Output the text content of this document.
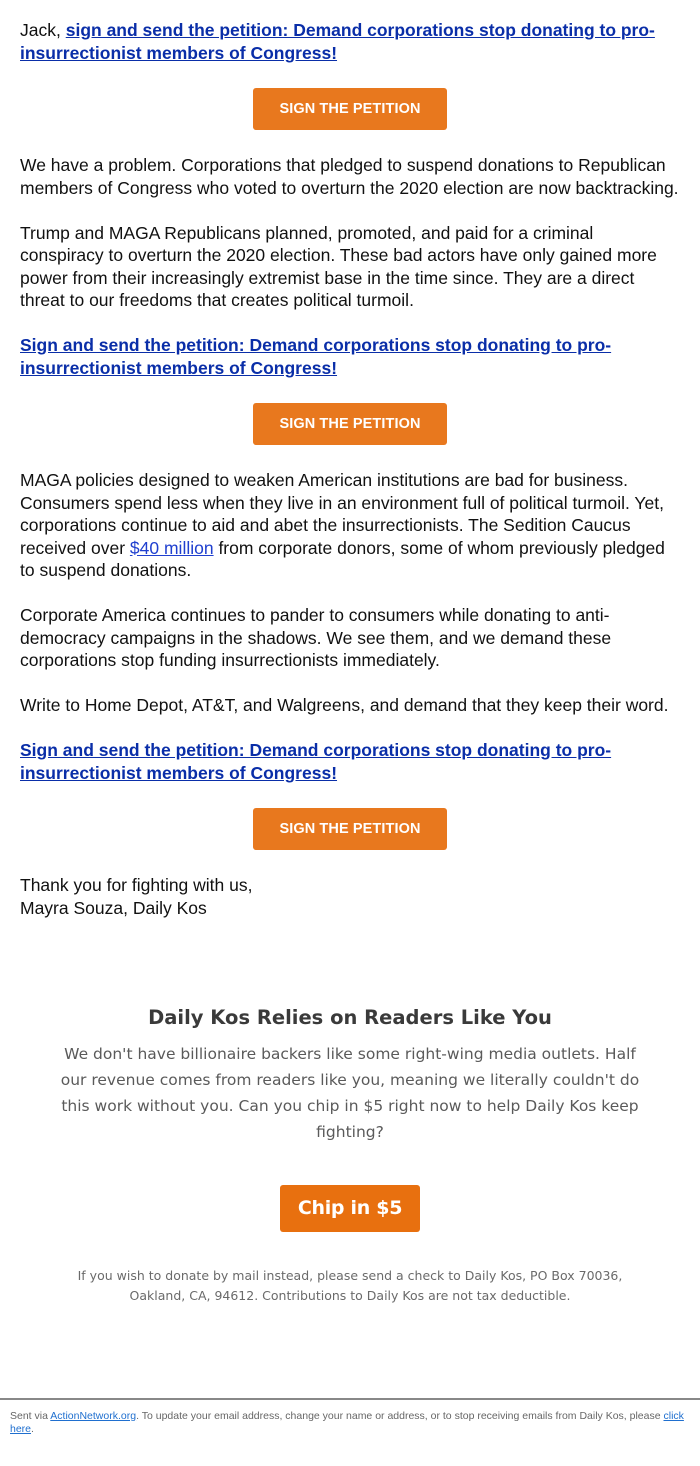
Jack, sign and send the petition: Demand corporations stop donating to pro-insurrectionist members of Congress!

SIGN THE PETITION

We have a problem. Corporations that pledged to suspend donations to Republican members of Congress who voted to overturn the 2020 election are now backtracking.

Trump and MAGA Republicans planned, promoted, and paid for a criminal conspiracy to overturn the 2020 election. These bad actors have only gained more power from their increasingly extremist base in the time since. They are a direct threat to our freedoms that creates political turmoil.

Sign and send the petition: Demand corporations stop donating to pro-insurrectionist members of Congress!

SIGN THE PETITION

MAGA policies designed to weaken American institutions are bad for business. Consumers spend less when they live in an environment full of political turmoil. Yet, corporations continue to aid and abet the insurrectionists. The Sedition Caucus received over $40 million from corporate donors, some of whom previously pledged to suspend donations.

Corporate America continues to pander to consumers while donating to anti-democracy campaigns in the shadows. We see them, and we demand these corporations stop funding insurrectionists immediately.

Write to Home Depot, AT&T, and Walgreens, and demand that they keep their word.

Sign and send the petition: Demand corporations stop donating to pro-insurrectionist members of Congress!

SIGN THE PETITION

Thank you for fighting with us,

Mayra Souza, Daily Kos

Daily Kos Relies on Readers Like You
We don't have billionaire backers like some right-wing media outlets. Half our revenue comes from readers like you, meaning we literally couldn't do this work without you. Can you chip in $5 right now to help Daily Kos keep fighting?
Chip in $5
If you wish to donate by mail instead, please send a check to Daily Kos, PO Box 70036, Oakland, CA, 94612. Contributions to Daily Kos are not tax deductible.
Sent via ActionNetwork.org. To update your email address, change your name or address, or to stop receiving emails from Daily Kos, please click here.
